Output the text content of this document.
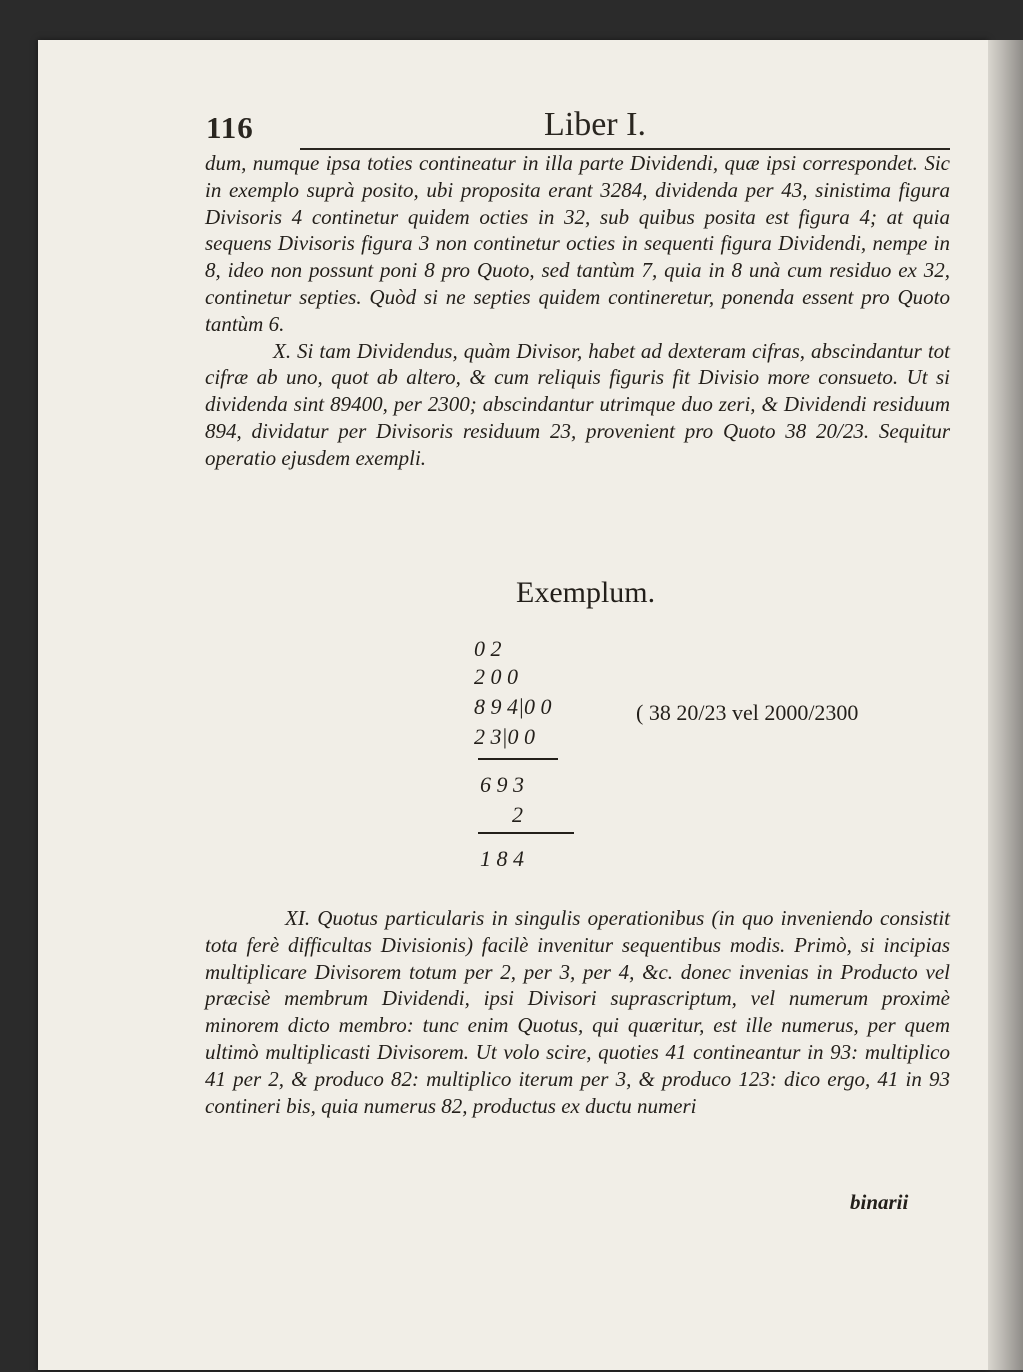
116	Liber I.

dum, numque ipsa toties contineatur in illa parte Dividendi, quæ ipsi correspondet. Sic in exemplo suprà posito, ubi proposita erant 3284, dividenda per 43, sinistima figura Divisoris 4 continetur quidem octies in 32, sub quibus posita est figura 4; at quia sequens Divisoris figura 3 non continetur octies in sequenti figura Dividendi, nempe in 8, ideo non possunt poni 8 pro Quoto, sed tantùm 7, quia in 8 unà cum residuo ex 32, continetur septies. Quòd si ne septies quidem contineretur, ponenda essent pro Quoto tantùm 6.

X. Si tam Dividendus, quàm Divisor, habet ad dexteram cifras, abscindantur tot cifræ ab uno, quot ab altero, & cum reliquis figuris fit Divisio more consueto. Ut si dividenda sint 89400, per 2300; abscindantur utrimque duo zeri, & Dividendi residuum 894, dividatur per Divisoris residuum 23, provenient pro Quoto 38 20/23. Sequitur operatio ejusdem exempli.

Exemplum.
0 2
2 0 0
8 9 4|0 0
2 3|0 0
6 9 3
2
1 8 4
( 38 20/23 vel 2000/2300

XI. Quotus particularis in singulis operationibus (in quo inveniendo consistit tota ferè difficultas Divisionis) facilè invenitur sequentibus modis. Primò, si incipias multiplicare Divisorem totum per 2, per 3, per 4, &c. donec invenias in Producto vel præcisè membrum Dividendi, ipsi Divisori suprascriptum, vel numerum proximè minorem dicto membro: tunc enim Quotus, qui quæritur, est ille numerus, per quem ultimò multiplicasti Divisorem. Ut volo scire, quoties 41 contineantur in 93: multiplico 41 per 2, & produco 82: multiplico iterum per 3, & produco 123: dico ergo, 41 in 93 contineri bis, quia numerus 82, productus ex ductu numeri

binarii
